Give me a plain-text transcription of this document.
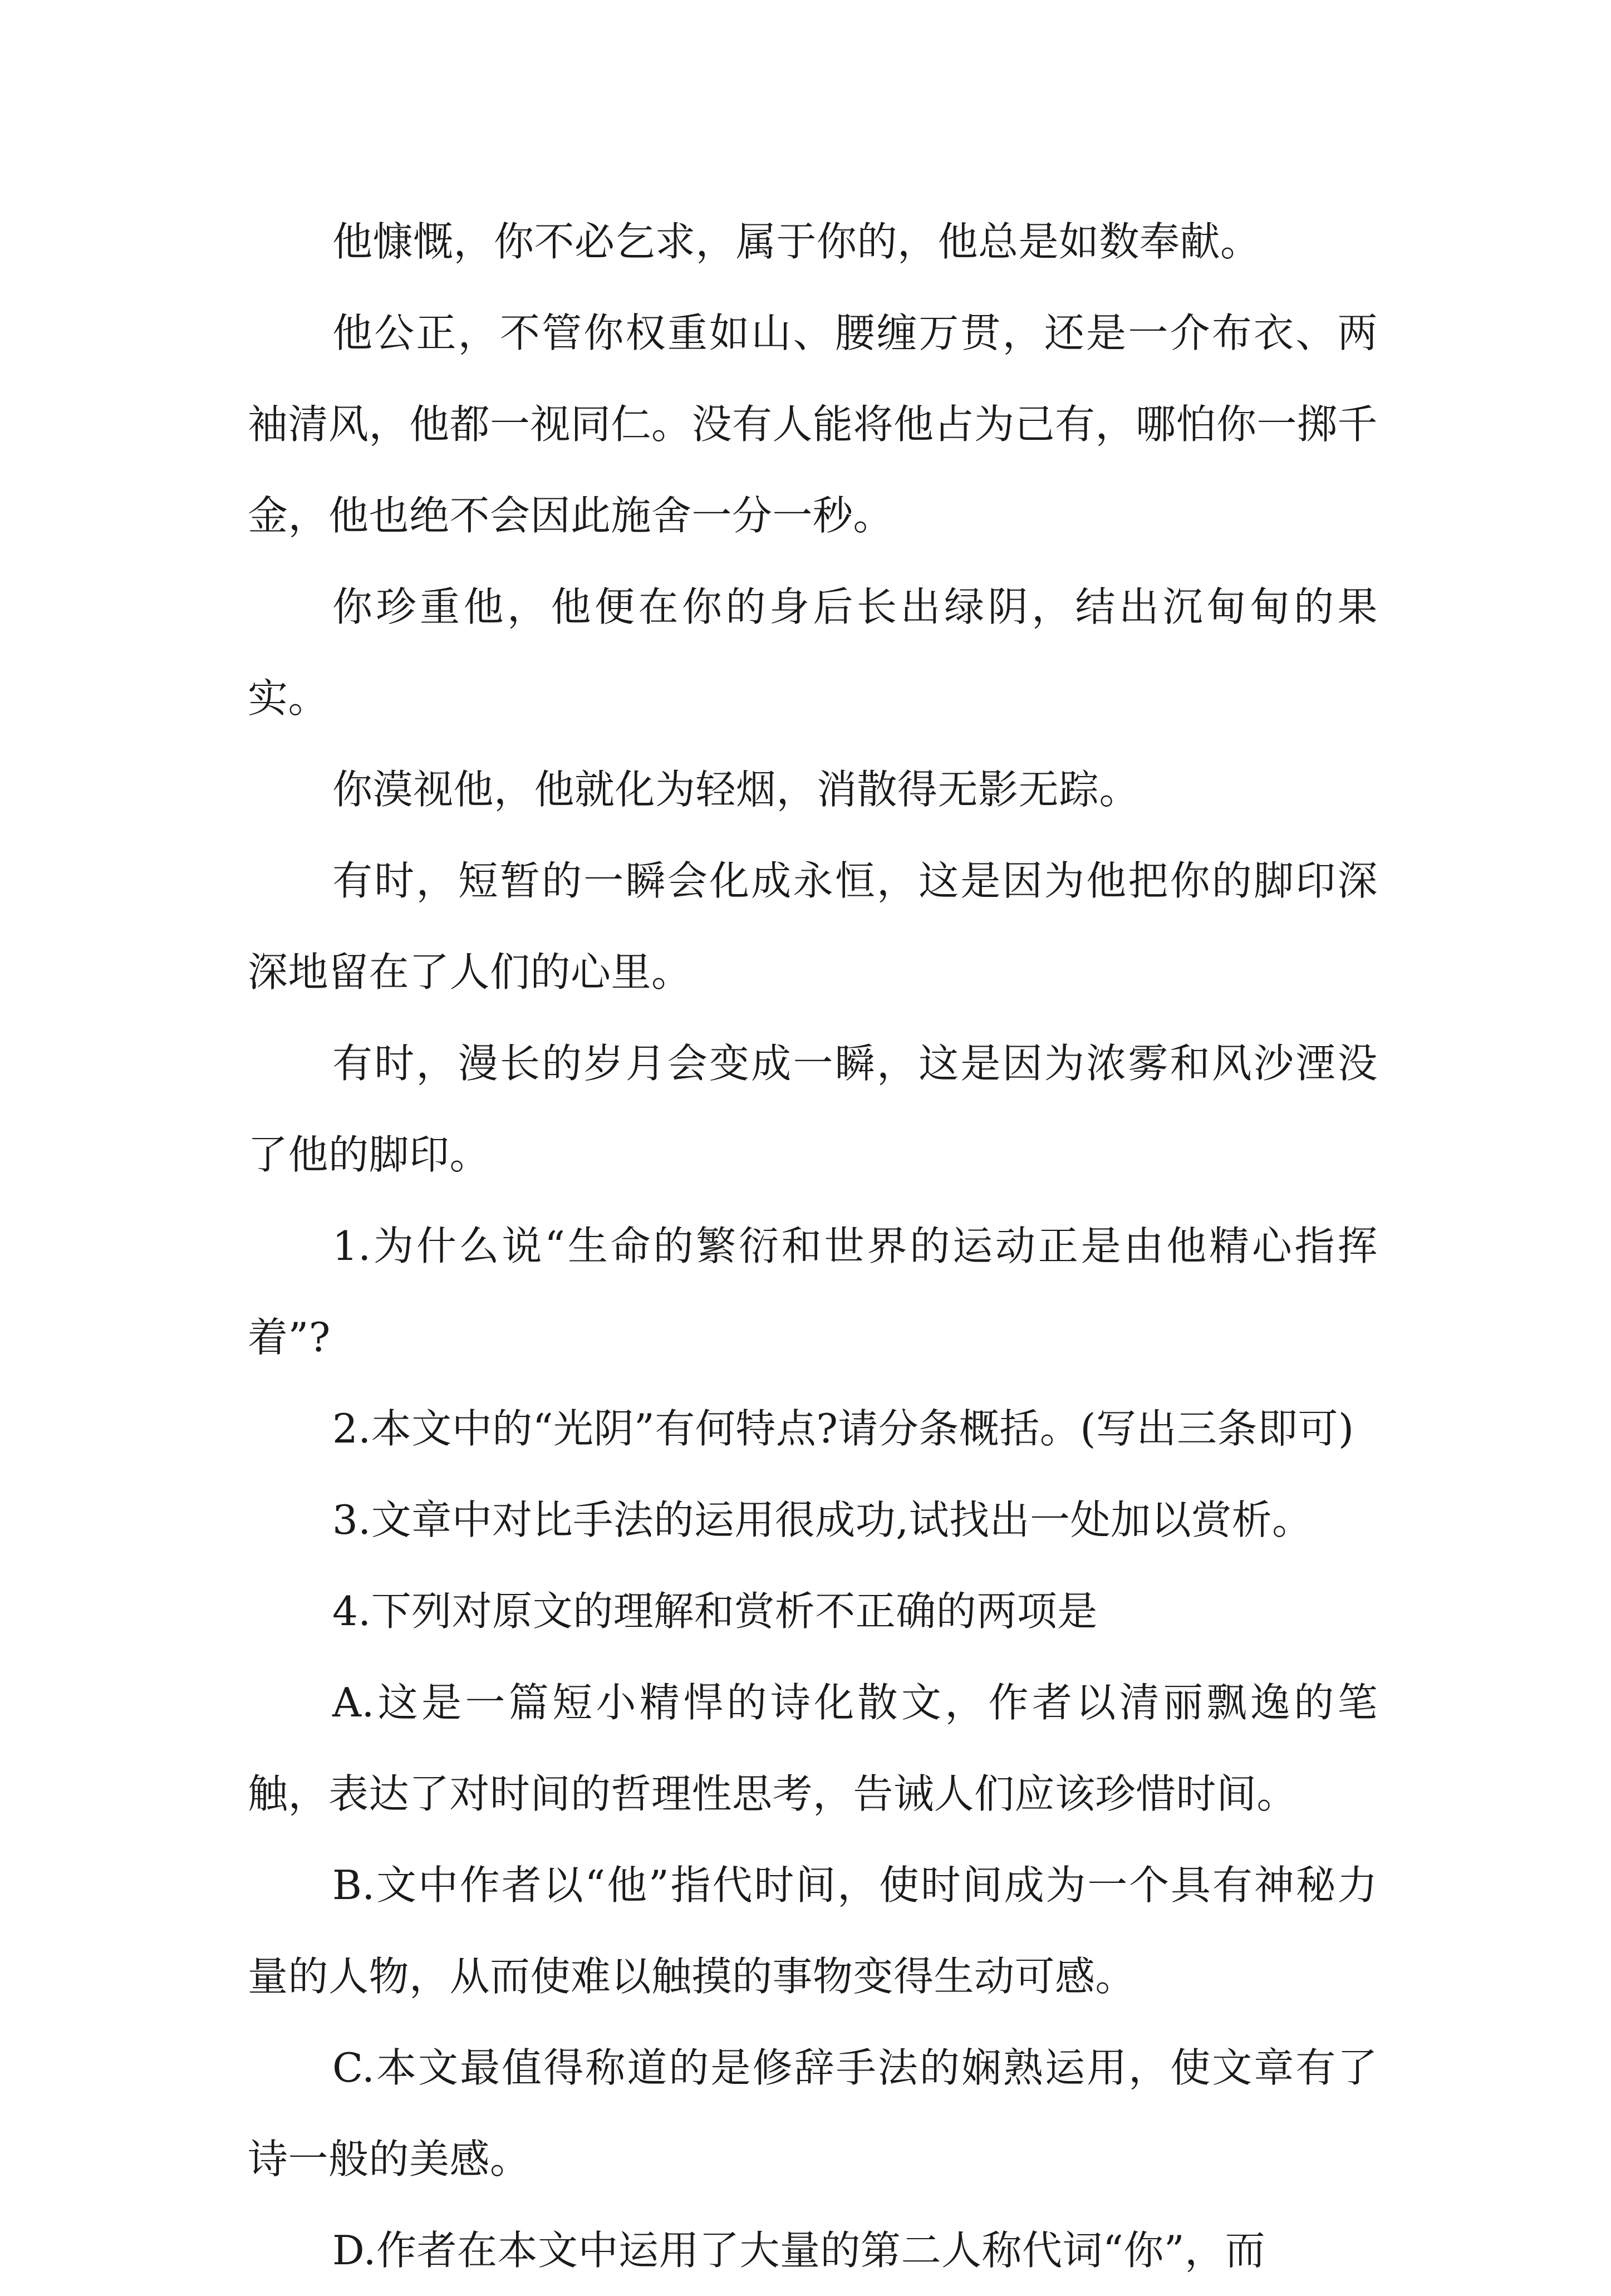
他慷慨，你不必乞求，属于你的，他总是如数奉献。

他公正，不管你权重如山、腰缠万贯，还是一介布衣、两袖清风，他都一视同仁。没有人能将他占为己有，哪怕你一掷千金，他也绝不会因此施舍一分一秒。

你珍重他，他便在你的身后长出绿阴，结出沉甸甸的果实。

你漠视他，他就化为轻烟，消散得无影无踪。

有时，短暂的一瞬会化成永恒，这是因为他把你的脚印深深地留在了人们的心里。

有时，漫长的岁月会变成一瞬，这是因为浓雾和风沙湮没了他的脚印。

1.为什么说“生命的繁衍和世界的运动正是由他精心指挥着”?

2.本文中的“光阴”有何特点?请分条概括。(写出三条即可)

3.文章中对比手法的运用很成功,试找出一处加以赏析。

4.下列对原文的理解和赏析不正确的两项是

A.这是一篇短小精悍的诗化散文，作者以清丽飘逸的笔触，表达了对时间的哲理性思考，告诫人们应该珍惜时间。

B.文中作者以“他”指代时间，使时间成为一个具有神秘力量的人物，从而使难以触摸的事物变得生动可感。

C.本文最值得称道的是修辞手法的娴熟运用，使文章有了诗一般的美感。

D.作者在本文中运用了大量的第二人称代词“你”，而
